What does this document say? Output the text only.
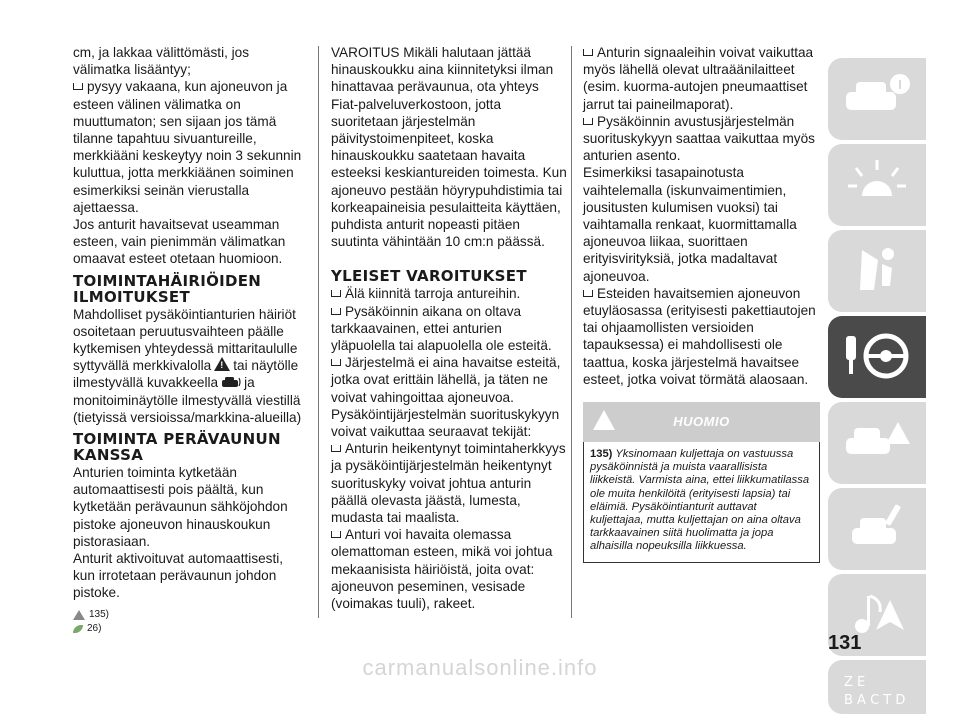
cm, ja lakkaa välittömästi, jos välimatka lisääntyy;

pysyy vakaana, kun ajoneuvon ja esteen välinen välimatka on muuttumaton; sen sijaan jos tämä tilanne tapahtuu sivuantureille, merkkiääni keskeytyy noin 3 sekunnin kuluttua, jotta merkkiäänen soiminen esimerkiksi seinän vierustalla ajettaessa.

Jos anturit havaitsevat useamman esteen, vain pienimmän välimatkan omaavat esteet otetaan huomioon.

TOIMINTAHÄIRIÖIDEN ILMOITUKSET

Mahdolliset pysäköintianturien häiriöt osoitetaan peruutusvaihteen päälle kytkemisen yhteydessä mittaritaululle syttyvällä merkkivalolla! tai näytölle ilmestyvällä kuvakkeella ja monitoiminäytölle ilmestyvällä viestillä (tietyissä versioissa/markkina-alueilla)

TOIMINTA PERÄVAUNUN KANSSA

Anturien toiminta kytketään automaattisesti pois päältä, kun kytketään perävaunun sähköjohdon pistoke ajoneuvon hinauskoukun pistorasiaan.

Anturit aktivoituvat automaattisesti, kun irrotetaan perävaunun johdon pistoke.

135)
26)

VAROITUS Mikäli halutaan jättää hinauskoukku aina kiinnitetyksi ilman hinattavaa perävaunua, ota yhteys Fiat-palveluverkostoon, jotta suoritetaan järjestelmän päivitystoimenpiteet, koska hinauskoukku saatetaan havaita esteeksi keskiantureiden toimesta. Kun ajoneuvo pestään höyrypuhdistimia tai korkeapaineisia pesulaitteita käyttäen, puhdista anturit nopeasti pitäen suutinta vähintään 10 cm:n päässä.

YLEISET VAROITUKSET

Älä kiinnitä tarroja antureihin.

Pysäköinnin aikana on oltava tarkkaavainen, ettei anturien yläpuolella tai alapuolella ole esteitä.

Järjestelmä ei aina havaitse esteitä, jotka ovat erittäin lähellä, ja täten ne voivat vahingoittaa ajoneuvoa.

Pysäköintijärjestelmän suorituskykyyn voivat vaikuttaa seuraavat tekijät:

Anturin heikentynyt toimintaherkkyys ja pysäköintijärjestelmän heikentynyt suorituskyky voivat johtua anturin päällä olevasta jäästä, lumesta, mudasta tai maalista.

Anturi voi havaita olemassa olemattoman esteen, mikä voi johtua mekaanisista häiriöistä, joita ovat: ajoneuvon peseminen, vesisade (voimakas tuuli), rakeet.

Anturin signaaleihin voivat vaikuttaa myös lähellä olevat ultraäänilaitteet (esim. kuorma-autojen pneumaattiset jarrut tai paineilmaporat).

Pysäköinnin avustusjärjestelmän suorituskykyyn saattaa vaikuttaa myös anturien asento.

Esimerkiksi tasapainotusta vaihtelemalla (iskunvaimentimien, jousitusten kulumisen vuoksi) tai vaihtamalla renkaat, kuormittamalla ajoneuvoa liikaa, suorittaen erityisvirityksiä, jotka madaltavat ajoneuvoa.

Esteiden havaitsemien ajoneuvon etuyläosassa (erityisesti pakettiautojen tai ohjaamollisten versioiden tapauksessa) ei mahdollisesti ole taattua, koska järjestelmä havaitsee esteet, jotka voivat törmätä alaosaan.

HUOMIO
135) Yksinomaan kuljettaja on vastuussa pysäköinnistä ja muista vaarallisista liikkeistä. Varmista aina, ettei liikkumatilassa ole muita henkilöitä (erityisesti lapsia) tai eläimiä. Pysäköintianturit auttavat kuljettajaa, mutta kuljettajan on aina oltava tarkkaavainen siitä huolimatta ja jopa alhaisilla nopeuksilla liikkuessa.
Z E
B A C T D
131
carmanualsonline.info
